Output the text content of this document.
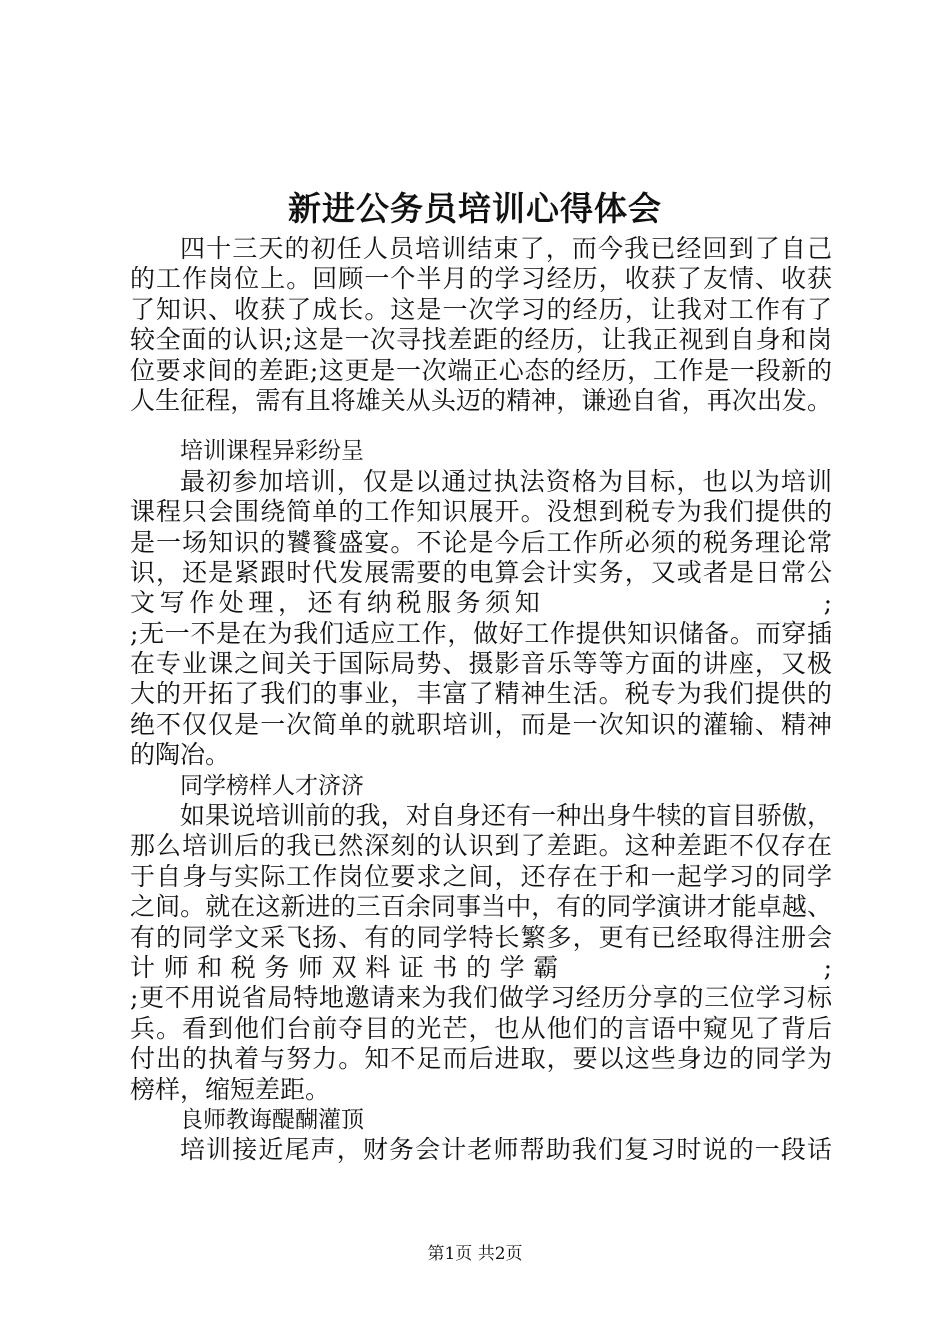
新进公务员培训心得体会
四十三天的初任人员培训结束了，而今我已经回到了自己
的工作岗位上。回顾一个半月的学习经历，收获了友情、收获
了知识、收获了成长。这是一次学习的经历，让我对工作有了
较全面的认识;这是一次寻找差距的经历，让我正视到自身和岗
位要求间的差距;这更是一次端正心态的经历，工作是一段新的
人生征程，需有且将雄关从头迈的精神，谦逊自省，再次出发。
培训课程异彩纷呈
最初参加培训，仅是以通过执法资格为目标，也以为培训
课程只会围绕简单的工作知识展开。没想到税专为我们提供的
是一场知识的饕餮盛宴。不论是今后工作所必须的税务理论常
识，还是紧跟时代发展需要的电算会计实务，又或者是日常公
文写作处理，还有纳税服务须知	;
;无一不是在为我们适应工作，做好工作提供知识储备。而穿插
在专业课之间关于国际局势、摄影音乐等等方面的讲座，又极
大的开拓了我们的事业，丰富了精神生活。税专为我们提供的
绝不仅仅是一次简单的就职培训，而是一次知识的灌输、精神
的陶冶。
同学榜样人才济济
如果说培训前的我，对自身还有一种出身牛犊的盲目骄傲，
那么培训后的我已然深刻的认识到了差距。这种差距不仅存在
于自身与实际工作岗位要求之间，还存在于和一起学习的同学
之间。就在这新进的三百余同事当中，有的同学演讲才能卓越、
有的同学文采飞扬、有的同学特长繁多，更有已经取得注册会
计师和税务师双料证书的学霸	;
;更不用说省局特地邀请来为我们做学习经历分享的三位学习标
兵。看到他们台前夺目的光芒，也从他们的言语中窥见了背后
付出的执着与努力。知不足而后进取，要以这些身边的同学为
榜样，缩短差距。
良师教诲醍醐灌顶
培训接近尾声，财务会计老师帮助我们复习时说的一段话
第1页 共2页
